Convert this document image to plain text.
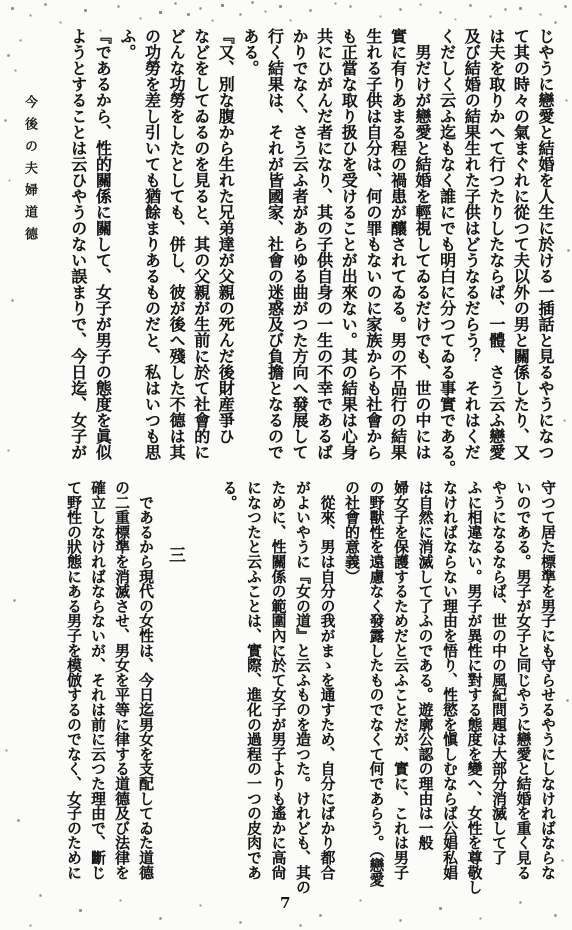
今後の夫婦道德	じやうに戀愛と結婚を人生に於ける一插話と見るやうになつ
て其の時々の氣まぐれに從つて夫以外の男と關係したり、又
は夫を取りかへて行つたりしたならば、一體、さう云ふ戀愛
及び結婚の結果生れた子供はどうなるだらう？　それはくだ
くだしく云ふ迄もなく誰にでも明白に分つてゐる事實である。
　男だけが戀愛と結婚を輕視してゐるだけでも、世の中には
實に有りあまる程の禍患が釀されてゐる。男の不品行の結果
生れる子供は自分は、何の罪もないのに家族からも社會から
も正當な取り扱ひを受けることが出來ない。其の結果は心身
共にひがんだ者になり、其の子供自身の一生の不幸であるば
かりでなく、さう云ふ者があらゆる曲がつた方向へ發展して
行く結果は、それが皆國家、社會の迷惑及び負擔となるので
ある。
『又、別な腹から生れた兄弟達が父親の死んだ後財産爭ひ
などをしてゐるのを見ると、其の父親が生前に於て社會的に
どんな功勞をしたとしても、併し、彼が後へ殘した不德は其
の功勞を差し引いても猶餘まりあるものだと、私はいつも思
ふ。
『であるから、性的關係に關して、女子が男子の態度を眞似
ようとすることは云ひやうのない誤まりで、今日迄、女子が
守つて居た標準を男子にも守らせるやうにしなければならな
いのである。男子が女子と同じやうに戀愛と結婚を重く見る
やうになるならば、世の中の風紀問題は大部分消滅して了
ふに相違ない。男子が異性に對する態度を變へ、女性を尊敬し
なければならない理由を悟り、性慾を愼しむならば公娼私娼
は自然に消滅して了ふのである。遊廓公認の理由は一般
婦女子を保護するためだと云ふことだが、實に、これは男子
の野獸性を遠慮なく發露したものでなくて何であらう。（戀愛
の社會的意義）
　從來、男は自分の我がまゝを通すため、自分にばかり都合
がよいやうに『女の道』と云ふものを造つた。けれども、其の
ために、性關係の範圍內に於て女子が男子よりも遙かに高尙
になつたと云ふことは、實際、進化の過程の一つの皮肉であ
る。
三
　であるから現代の女性は、今日迄男女を支配してゐた道德
の二重標準を消滅させ、男女を平等に律する道德及び法律を
確立しなければならないが、それは前に云つた理由で、斷じ
て野性の狀態にある男子を模倣するのでなく、女子のために
7
